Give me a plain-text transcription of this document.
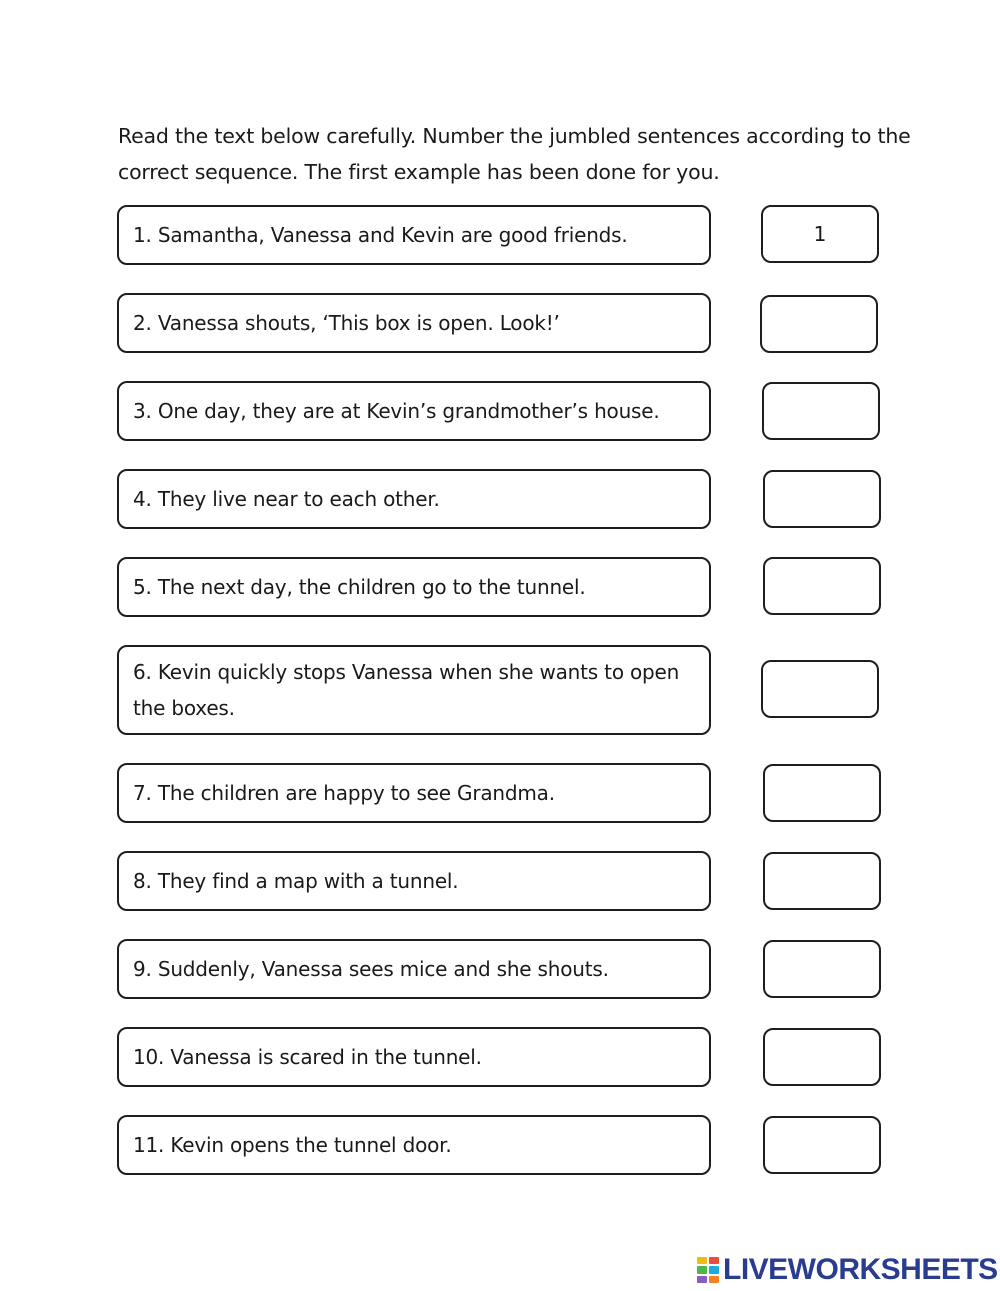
Read the text below carefully. Number the jumbled sentences according to the correct sequence. The first example has been done for you.

1. Samantha, Vanessa and Kevin are good friends.
1
2. Vanessa shouts, ‘This box is open. Look!’
3. One day, they are at Kevin’s grandmother’s house.
4. They live near to each other.
5. The next day, the children go to the tunnel.
6. Kevin quickly stops Vanessa when she wants to open the boxes.
7. The children are happy to see Grandma.
8. They find a map with a tunnel.
9. Suddenly, Vanessa sees mice and she shouts.
10. Vanessa is scared in the tunnel.
11. Kevin opens the tunnel door.
LIVEWORKSHEETS
